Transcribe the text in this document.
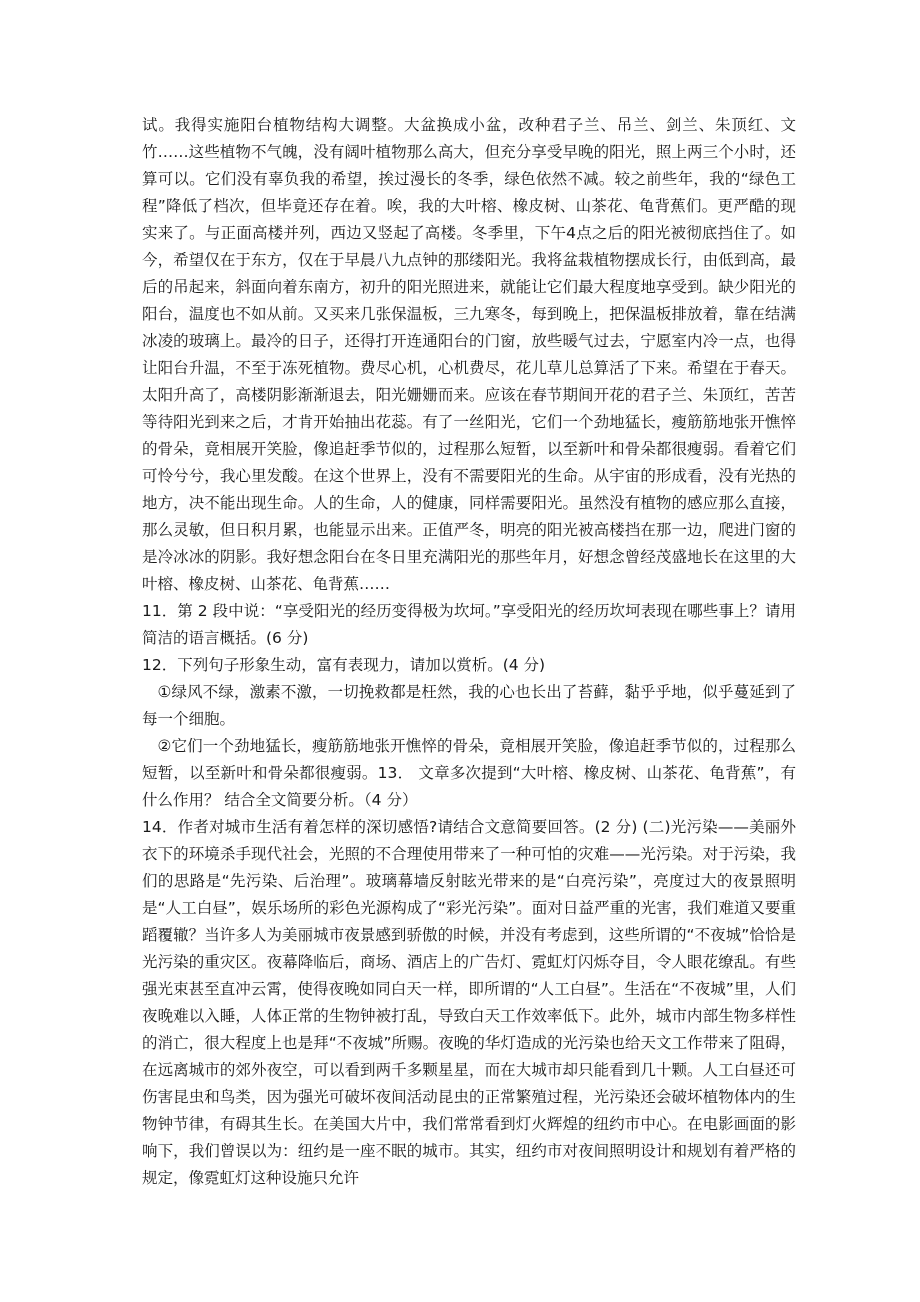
试。我得实施阳台植物结构大调整。大盆换成小盆，改种君子兰、吊兰、剑兰、朱顶红、文竹……这些植物不气魄，没有阔叶植物那么高大，但充分享受早晚的阳光，照上两三个小时，还算可以。它们没有辜负我的希望，挨过漫长的冬季，绿色依然不减。较之前些年，我的“绿色工程”降低了档次，但毕竟还存在着。唉，我的大叶榕、橡皮树、山茶花、龟背蕉们。更严酷的现实来了。与正面高楼并列，西边又竖起了高楼。冬季里，下午4点之后的阳光被彻底挡住了。如今，希望仅在于东方，仅在于早晨八九点钟的那缕阳光。我将盆栽植物摆成长行，由低到高，最后的吊起来，斜面向着东南方，初升的阳光照进来，就能让它们最大程度地享受到。缺少阳光的阳台，温度也不如从前。又买来几张保温板，三九寒冬，每到晚上，把保温板排放着，靠在结满冰凌的玻璃上。最冷的日子，还得打开连通阳台的门窗，放些暖气过去，宁愿室内冷一点，也得让阳台升温，不至于冻死植物。费尽心机，心机费尽，花儿草儿总算活了下来。希望在于春天。太阳升高了，高楼阴影渐渐退去，阳光姗姗而来。应该在春节期间开花的君子兰、朱顶红，苦苦等待阳光到来之后，才肯开始抽出花蕊。有了一丝阳光，它们一个劲地猛长，瘦筋筋地张开憔悴的骨朵，竟相展开笑脸，像追赶季节似的，过程那么短暂，以至新叶和骨朵都很瘦弱。看着它们可怜兮兮，我心里发酸。在这个世界上，没有不需要阳光的生命。从宇宙的形成看，没有光热的地方，决不能出现生命。人的生命，人的健康，同样需要阳光。虽然没有植物的感应那么直接，那么灵敏，但日积月累，也能显示出来。正值严冬，明亮的阳光被高楼挡在那一边，爬进门窗的是冷冰冰的阴影。我好想念阳台在冬日里充满阳光的那些年月，好想念曾经茂盛地长在这里的大叶榕、橡皮树、山茶花、龟背蕉……

11．第 2 段中说：“享受阳光的经历变得极为坎坷。”享受阳光的经历坎坷表现在哪些事上？请用简洁的语言概括。(6 分)

12．下列句子形象生动，富有表现力，请加以赏析。(4 分)

①绿风不绿，激素不激，一切挽救都是枉然，我的心也长出了苔藓，黏乎乎地，似乎蔓延到了每一个细胞。

②它们一个劲地猛长，瘦筋筋地张开憔悴的骨朵，竟相展开笑脸，像追赶季节似的，过程那么短暂，以至新叶和骨朵都很瘦弱。13． 文章多次提到“大叶榕、橡皮树、山茶花、龟背蕉”，有什么作用？ 结合全文简要分析。（4 分）

14．作者对城市生活有着怎样的深切感悟?请结合文意简要回答。(2 分) (二)光污染——美丽外衣下的环境杀手现代社会，光照的不合理使用带来了一种可怕的灾难——光污染。对于污染，我们的思路是“先污染、后治理”。玻璃幕墙反射眩光带来的是“白亮污染”，亮度过大的夜景照明是“人工白昼”，娱乐场所的彩色光源构成了“彩光污染”。面对日益严重的光害，我们难道又要重蹈覆辙？当许多人为美丽城市夜景感到骄傲的时候，并没有考虑到，这些所谓的“不夜城”恰恰是光污染的重灾区。夜幕降临后，商场、酒店上的广告灯、霓虹灯闪烁夺目，令人眼花缭乱。有些强光束甚至直冲云霄，使得夜晚如同白天一样，即所谓的“人工白昼”。生活在“不夜城”里，人们夜晚难以入睡，人体正常的生物钟被打乱，导致白天工作效率低下。此外，城市内部生物多样性的消亡，很大程度上也是拜“不夜城”所赐。夜晚的华灯造成的光污染也给天文工作带来了阻碍，在远离城市的郊外夜空，可以看到两千多颗星星，而在大城市却只能看到几十颗。人工白昼还可伤害昆虫和鸟类，因为强光可破坏夜间活动昆虫的正常繁殖过程，光污染还会破坏植物体内的生物钟节律，有碍其生长。在美国大片中，我们常常看到灯火辉煌的纽约市中心。在电影画面的影响下，我们曾误以为：纽约是一座不眠的城市。其实，纽约市对夜间照明设计和规划有着严格的规定，像霓虹灯这种设施只允许
